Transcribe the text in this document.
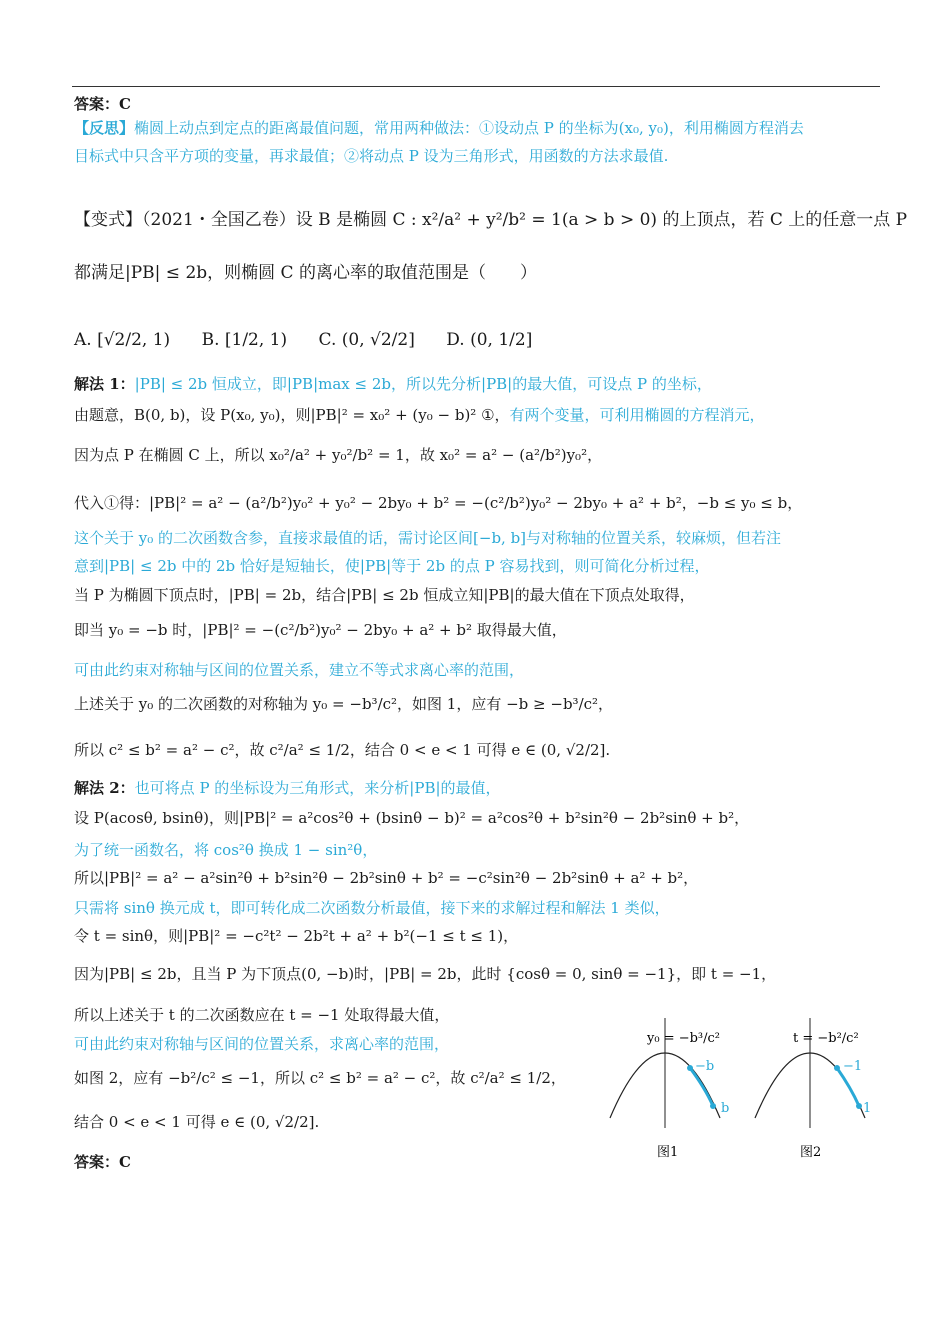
答案：C
【反思】椭圆上动点到定点的距离最值问题，常用两种做法：①设动点 P 的坐标为(x₀, y₀)，利用椭圆方程消去
目标式中只含平方项的变量，再求最值；②将动点 P 设为三角形式，用函数的方法求最值.
【变式】（2021・全国乙卷）设 B 是椭圆 C : x²/a² + y²/b² = 1(a > b > 0) 的上顶点，若 C 上的任意一点 P
都满足|PB| ≤ 2b，则椭圆 C 的离心率的取值范围是（　　）
A. [√2/2, 1) B. [1/2, 1) C. (0, √2/2] D. (0, 1/2]
解法 1：|PB| ≤ 2b 恒成立，即|PB|max ≤ 2b，所以先分析|PB|的最大值，可设点 P 的坐标，
由题意，B(0, b)，设 P(x₀, y₀)，则|PB|² = x₀² + (y₀ − b)² ①，有两个变量，可利用椭圆的方程消元，
因为点 P 在椭圆 C 上，所以 x₀²/a² + y₀²/b² = 1，故 x₀² = a² − (a²/b²)y₀²，
代入①得：|PB|² = a² − (a²/b²)y₀² + y₀² − 2by₀ + b² = −(c²/b²)y₀² − 2by₀ + a² + b²，−b ≤ y₀ ≤ b，
这个关于 y₀ 的二次函数含参，直接求最值的话，需讨论区间[−b, b]与对称轴的位置关系，较麻烦，但若注
意到|PB| ≤ 2b 中的 2b 恰好是短轴长，使|PB|等于 2b 的点 P 容易找到，则可简化分析过程，
当 P 为椭圆下顶点时，|PB| = 2b，结合|PB| ≤ 2b 恒成立知|PB|的最大值在下顶点处取得，
即当 y₀ = −b 时，|PB|² = −(c²/b²)y₀² − 2by₀ + a² + b² 取得最大值，
可由此约束对称轴与区间的位置关系，建立不等式求离心率的范围，
上述关于 y₀ 的二次函数的对称轴为 y₀ = −b³/c²，如图 1，应有 −b ≥ −b³/c²，
所以 c² ≤ b² = a² − c²，故 c²/a² ≤ 1/2，结合 0 < e < 1 可得 e ∈ (0, √2/2].
解法 2：也可将点 P 的坐标设为三角形式，来分析|PB|的最值，
设 P(acosθ, bsinθ)，则|PB|² = a²cos²θ + (bsinθ − b)² = a²cos²θ + b²sin²θ − 2b²sinθ + b²，
为了统一函数名，将 cos²θ 换成 1 − sin²θ，
所以|PB|² = a² − a²sin²θ + b²sin²θ − 2b²sinθ + b² = −c²sin²θ − 2b²sinθ + a² + b²，
只需将 sinθ 换元成 t，即可转化成二次函数分析最值，接下来的求解过程和解法 1 类似，
令 t = sinθ，则|PB|² = −c²t² − 2b²t + a² + b²(−1 ≤ t ≤ 1)，
因为|PB| ≤ 2b，且当 P 为下顶点(0, −b)时，|PB| = 2b，此时 {cosθ = 0, sinθ = −1}，即 t = −1，
所以上述关于 t 的二次函数应在 t = −1 处取得最大值，
可由此约束对称轴与区间的位置关系，求离心率的范围，
如图 2，应有 −b²/c² ≤ −1，所以 c² ≤ b² = a² − c²，故 c²/a² ≤ 1/2，
结合 0 < e < 1 可得 e ∈ (0, √2/2].
答案：C
y₀ = −b³/c²
−b
b
图1
t = −b²/c²
−1
1
图2
